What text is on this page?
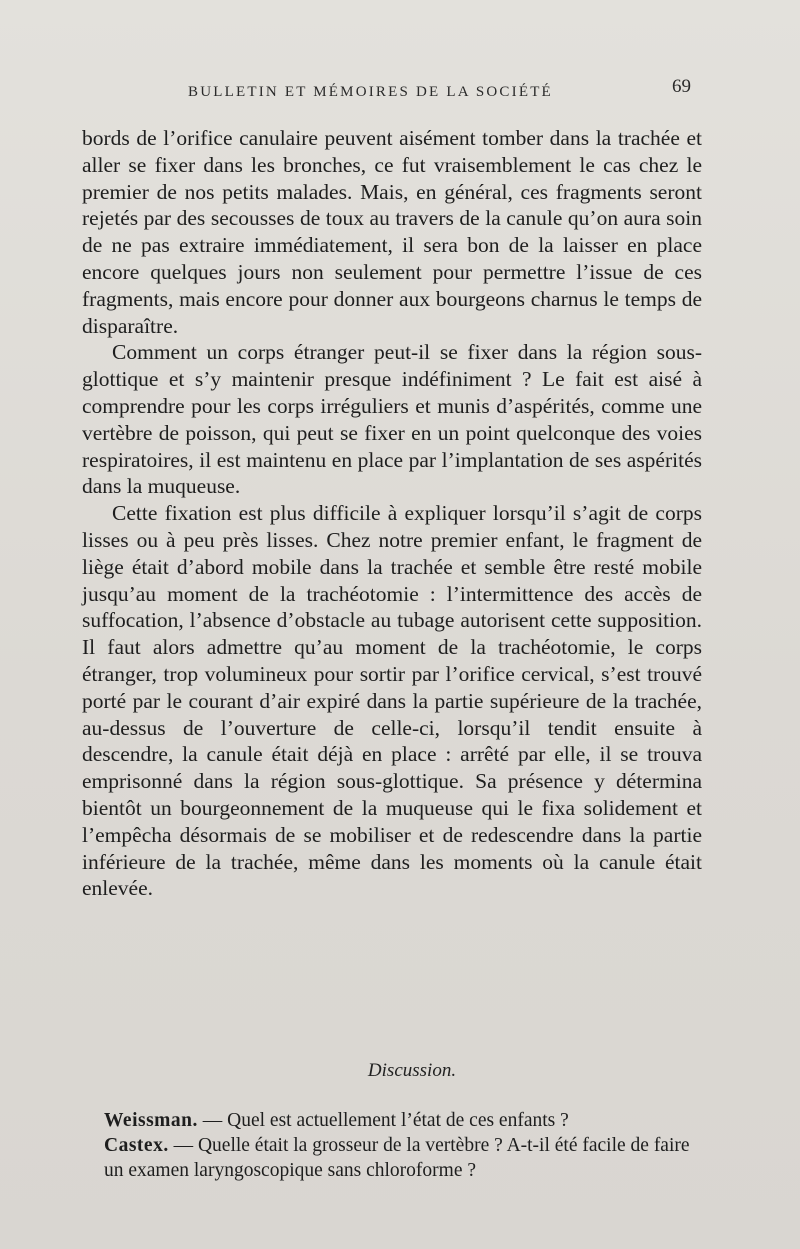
BULLETIN ET MÉMOIRES DE LA SOCIÉTÉ	69

bords de l’orifice canulaire peuvent aisément tomber dans la trachée et aller se fixer dans les bronches, ce fut vraisemblement le cas chez le premier de nos petits malades. Mais, en général, ces fragments seront rejetés par des secousses de toux au travers de la canule qu’on aura soin de ne pas extraire immédiatement, il sera bon de la laisser en place encore quelques jours non seulement pour permettre l’issue de ces fragments, mais encore pour donner aux bourgeons charnus le temps de disparaître.

Comment un corps étranger peut-il se fixer dans la région sous-glottique et s’y maintenir presque indéfiniment ? Le fait est aisé à comprendre pour les corps irréguliers et munis d’aspérités, comme une vertèbre de poisson, qui peut se fixer en un point quelconque des voies respiratoires, il est maintenu en place par l’implantation de ses aspérités dans la muqueuse.

Cette fixation est plus difficile à expliquer lorsqu’il s’agit de corps lisses ou à peu près lisses. Chez notre premier enfant, le fragment de liège était d’abord mobile dans la trachée et semble être resté mobile jusqu’au moment de la trachéotomie : l’intermittence des accès de suffocation, l’absence d’obstacle au tubage autorisent cette supposition. Il faut alors admettre qu’au moment de la trachéotomie, le corps étranger, trop volumineux pour sortir par l’orifice cervical, s’est trouvé porté par le courant d’air expiré dans la partie supérieure de la trachée, au-dessus de l’ouverture de celle-ci, lorsqu’il tendit ensuite à descendre, la canule était déjà en place : arrêté par elle, il se trouva emprisonné dans la région sous-glottique. Sa présence y détermina bientôt un bourgeonnement de la muqueuse qui le fixa solidement et l’empêcha désormais de se mobiliser et de redescendre dans la partie inférieure de la trachée, même dans les moments où la canule était enlevée.

Discussion.

Weissman. — Quel est actuellement l’état de ces enfants ?

Castex. — Quelle était la grosseur de la vertèbre ? A-t-il été facile de faire un examen laryngoscopique sans chloroforme ?
